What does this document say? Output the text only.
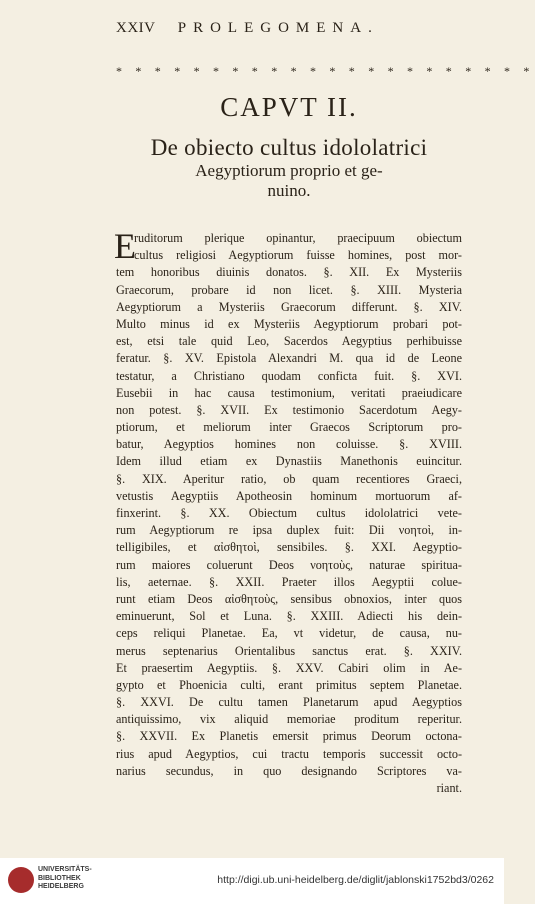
XXIV PROLEGOMENA.
* * * * * * * * * * * * * * * * * * * * * *
CAPVT II.
De obiecto cultus idololatrici
Aegyptiorum proprio et ge-
nuino.
E
ruditorum plerique opinantur, praecipuum obiectum
cultus religiosi Aegyptiorum fuisse homines, post mor-
tem honoribus diuinis donatos. §. XII. Ex Mysteriis
Graecorum, probare id non licet. §. XIII. Mysteria
Aegyptiorum a Mysteriis Graecorum differunt. §. XIV.
Multo minus id ex Mysteriis Aegyptiorum probari pot-
est, etsi tale quid Leo, Sacerdos Aegyptius perhibuisse
feratur. §. XV. Epistola Alexandri M. qua id de Leone
testatur, a Christiano quodam conficta fuit. §. XVI.
Eusebii in hac causa testimonium, veritati praeiudicare
non potest. §. XVII. Ex testimonio Sacerdotum Aegy-
ptiorum, et meliorum inter Graecos Scriptorum pro-
batur, Aegyptios homines non coluisse. §. XVIII.
Idem illud etiam ex Dynastiis Manethonis euincitur.
§. XIX. Aperitur ratio, ob quam recentiores Graeci,
vetustis Aegyptiis Apotheosin hominum mortuorum af-
finxerint. §. XX. Obiectum cultus idololatrici vete-
rum Aegyptiorum re ipsa duplex fuit: Dii νοητοὶ, in-
telligibiles, et αἰσθητοὶ, sensibiles. §. XXI. Aegyptio-
rum maiores coluerunt Deos νοητοὺς, naturae spiritua-
lis, aeternae. §. XXII. Praeter illos Aegyptii colue-
runt etiam Deos αἰσθητοὺς, sensibus obnoxios, inter quos
eminuerunt, Sol et Luna. §. XXIII. Adiecti his dein-
ceps reliqui Planetae. Ea, vt videtur, de causa, nu-
merus septenarius Orientalibus sanctus erat. §. XXIV.
Et praesertim Aegyptiis. §. XXV. Cabiri olim in Ae-
gypto et Phoenicia culti, erant primitus septem Planetae.
§. XXVI. De cultu tamen Planetarum apud Aegyptios
antiquissimo, vix aliquid memoriae proditum reperitur.
§. XXVII. Ex Planetis emersit primus Deorum octona-
rius apud Aegyptios, cui tractu temporis successit octo-
narius secundus, in quo designando Scriptores va-
riant.
UNIVERSITÄTS-
BIBLIOTHEK
HEIDELBERG
http://digi.ub.uni-heidelberg.de/diglit/jablonski1752bd3/0262
